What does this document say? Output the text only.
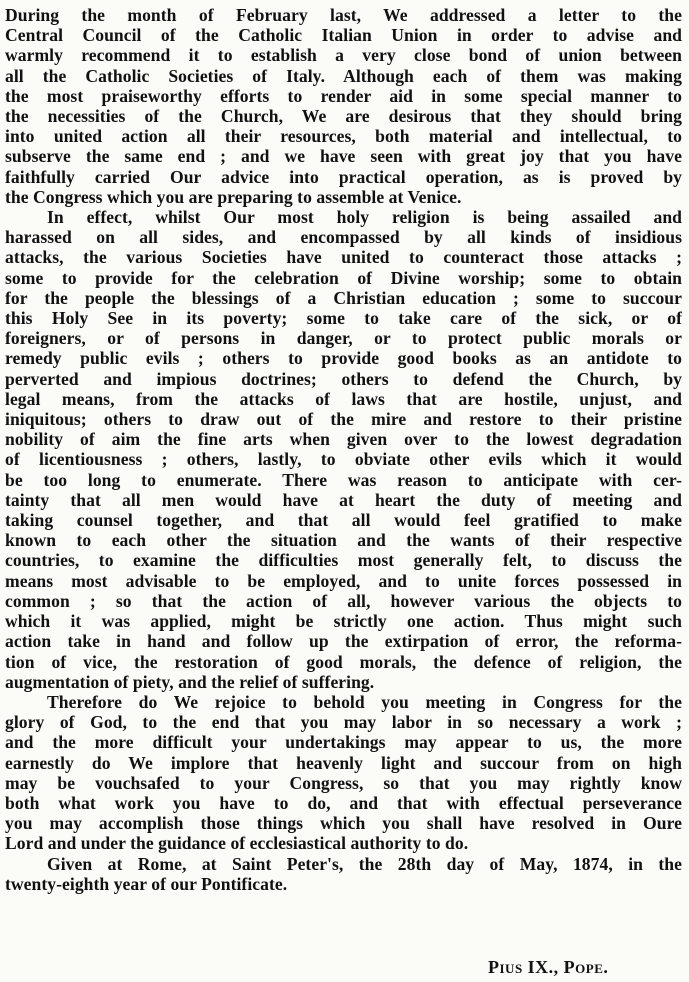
During the month of February last, We addressed a letter to the
Central Council of the Catholic Italian Union in order to advise and
warmly recommend it to establish a very close bond of union between
all the Catholic Societies of Italy. Although each of them was making
the most praiseworthy efforts to render aid in some special manner to
the necessities of the Church, We are desirous that they should bring
into united action all their resources, both material and intellectual, to
subserve the same end ; and we have seen with great joy that you have
faithfully carried Our advice into practical operation, as is proved by
the Congress which you are preparing to assemble at Venice.
In effect, whilst Our most holy religion is being assailed and
harassed on all sides, and encompassed by all kinds of insidious
attacks, the various Societies have united to counteract those attacks ;
some to provide for the celebration of Divine worship; some to obtain
for the people the blessings of a Christian education ; some to succour
this Holy See in its poverty; some to take care of the sick, or of
foreigners, or of persons in danger, or to protect public morals or
remedy public evils ; others to provide good books as an antidote to
perverted and impious doctrines; others to defend the Church, by
legal means, from the attacks of laws that are hostile, unjust, and
iniquitous; others to draw out of the mire and restore to their pristine
nobility of aim the fine arts when given over to the lowest degradation
of licentiousness ; others, lastly, to obviate other evils which it would
be too long to enumerate. There was reason to anticipate with cer-
tainty that all men would have at heart the duty of meeting and
taking counsel together, and that all would feel gratified to make
known to each other the situation and the wants of their respective
countries, to examine the difficulties most generally felt, to discuss the
means most advisable to be employed, and to unite forces possessed in
common ; so that the action of all, however various the objects to
which it was applied, might be strictly one action. Thus might such
action take in hand and follow up the extirpation of error, the reforma-
tion of vice, the restoration of good morals, the defence of religion, the
augmentation of piety, and the relief of suffering.
Therefore do We rejoice to behold you meeting in Congress for the
glory of God, to the end that you may labor in so necessary a work ;
and the more difficult your undertakings may appear to us, the more
earnestly do We implore that heavenly light and succour from on high
may be vouchsafed to your Congress, so that you may rightly know
both what work you have to do, and that with effectual perseverance
you may accomplish those things which you shall have resolved in Oure
Lord and under the guidance of ecclesiastical authority to do.
Given at Rome, at Saint Peter's, the 28th day of May, 1874, in the
twenty-eighth year of our Pontificate.
Pius IX., Pope.
